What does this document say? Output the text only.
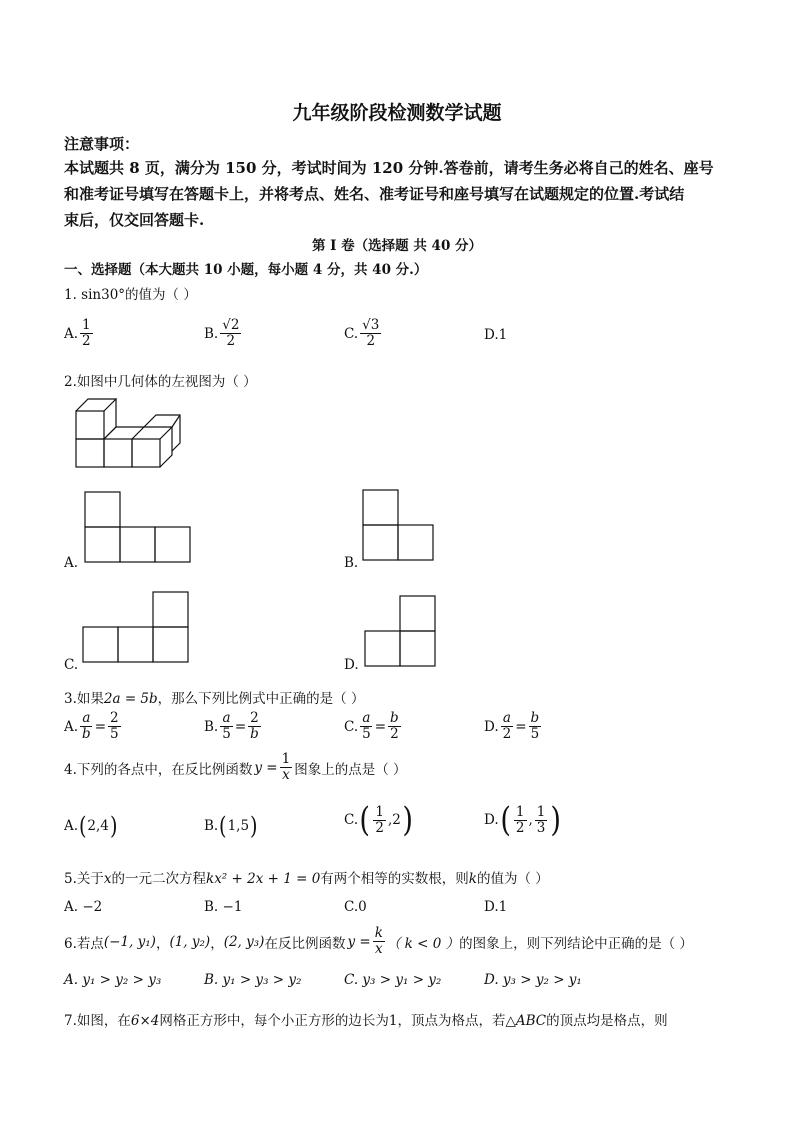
九年级阶段检测数学试题
注意事项：
本试题共 8 页，满分为 150 分，考试时间为 120 分钟.答卷前，请考生务必将自己的姓名、座号
和准考证号填写在答题卡上，并将考点、姓名、准考证号和座号填写在试题规定的位置.考试结
束后，仅交回答题卡.
第 I 卷（选择题 共 40 分）
一、选择题（本大题共 10 小题，每小题 4 分，共 40 分.）
1. sin30°的值为（ ）
A. $\frac{1}{2}$	B. $\frac{√2}{2}$	C. $\frac{√3}{2}$	D.1
2.如图中几何体的左视图为（ ）
A.	B.
C.	D.
3.如果2a = 5b，那么下列比例式中正确的是（ ）
A. $\frac{a}{b} = \frac{2}{5}$	B. $\frac{a}{5} = \frac{2}{b}$	C. $\frac{a}{5} = \frac{b}{2}$	D. $\frac{a}{2} = \frac{b}{5}$
4.下列的各点中，在反比例函数 $y = \frac{1}{x}$ 图象上的点是（ ）
A. ( 2,4 )	B. ( 1,5 )	C. ( $\frac{1}{2} ,2$ )	D. ( $\frac{1}{2}$ , $\frac{1}{3}$ )
5.关于x的一元二次方程kx² + 2x + 1 = 0有两个相等的实数根，则k的值为（ ）
A. −2	B. −1	C.0	D.1
6.若点 (−1, y₁) ， (1, y₂) ， (2, y₃) 在反比例函数 $y = \frac{k}{x}$ （ k < 0 ） 的图象上，则下列结论中正确的是（ ）
A. y₁ > y₂ > y₃	B. y₁ > y₃ > y₂	C. y₃ > y₁ > y₂	D. y₃ > y₂ > y₁
7.如图，在6×4网格正方形中，每个小正方形的边长为1，顶点为格点，若△ABC的顶点均是格点，则
